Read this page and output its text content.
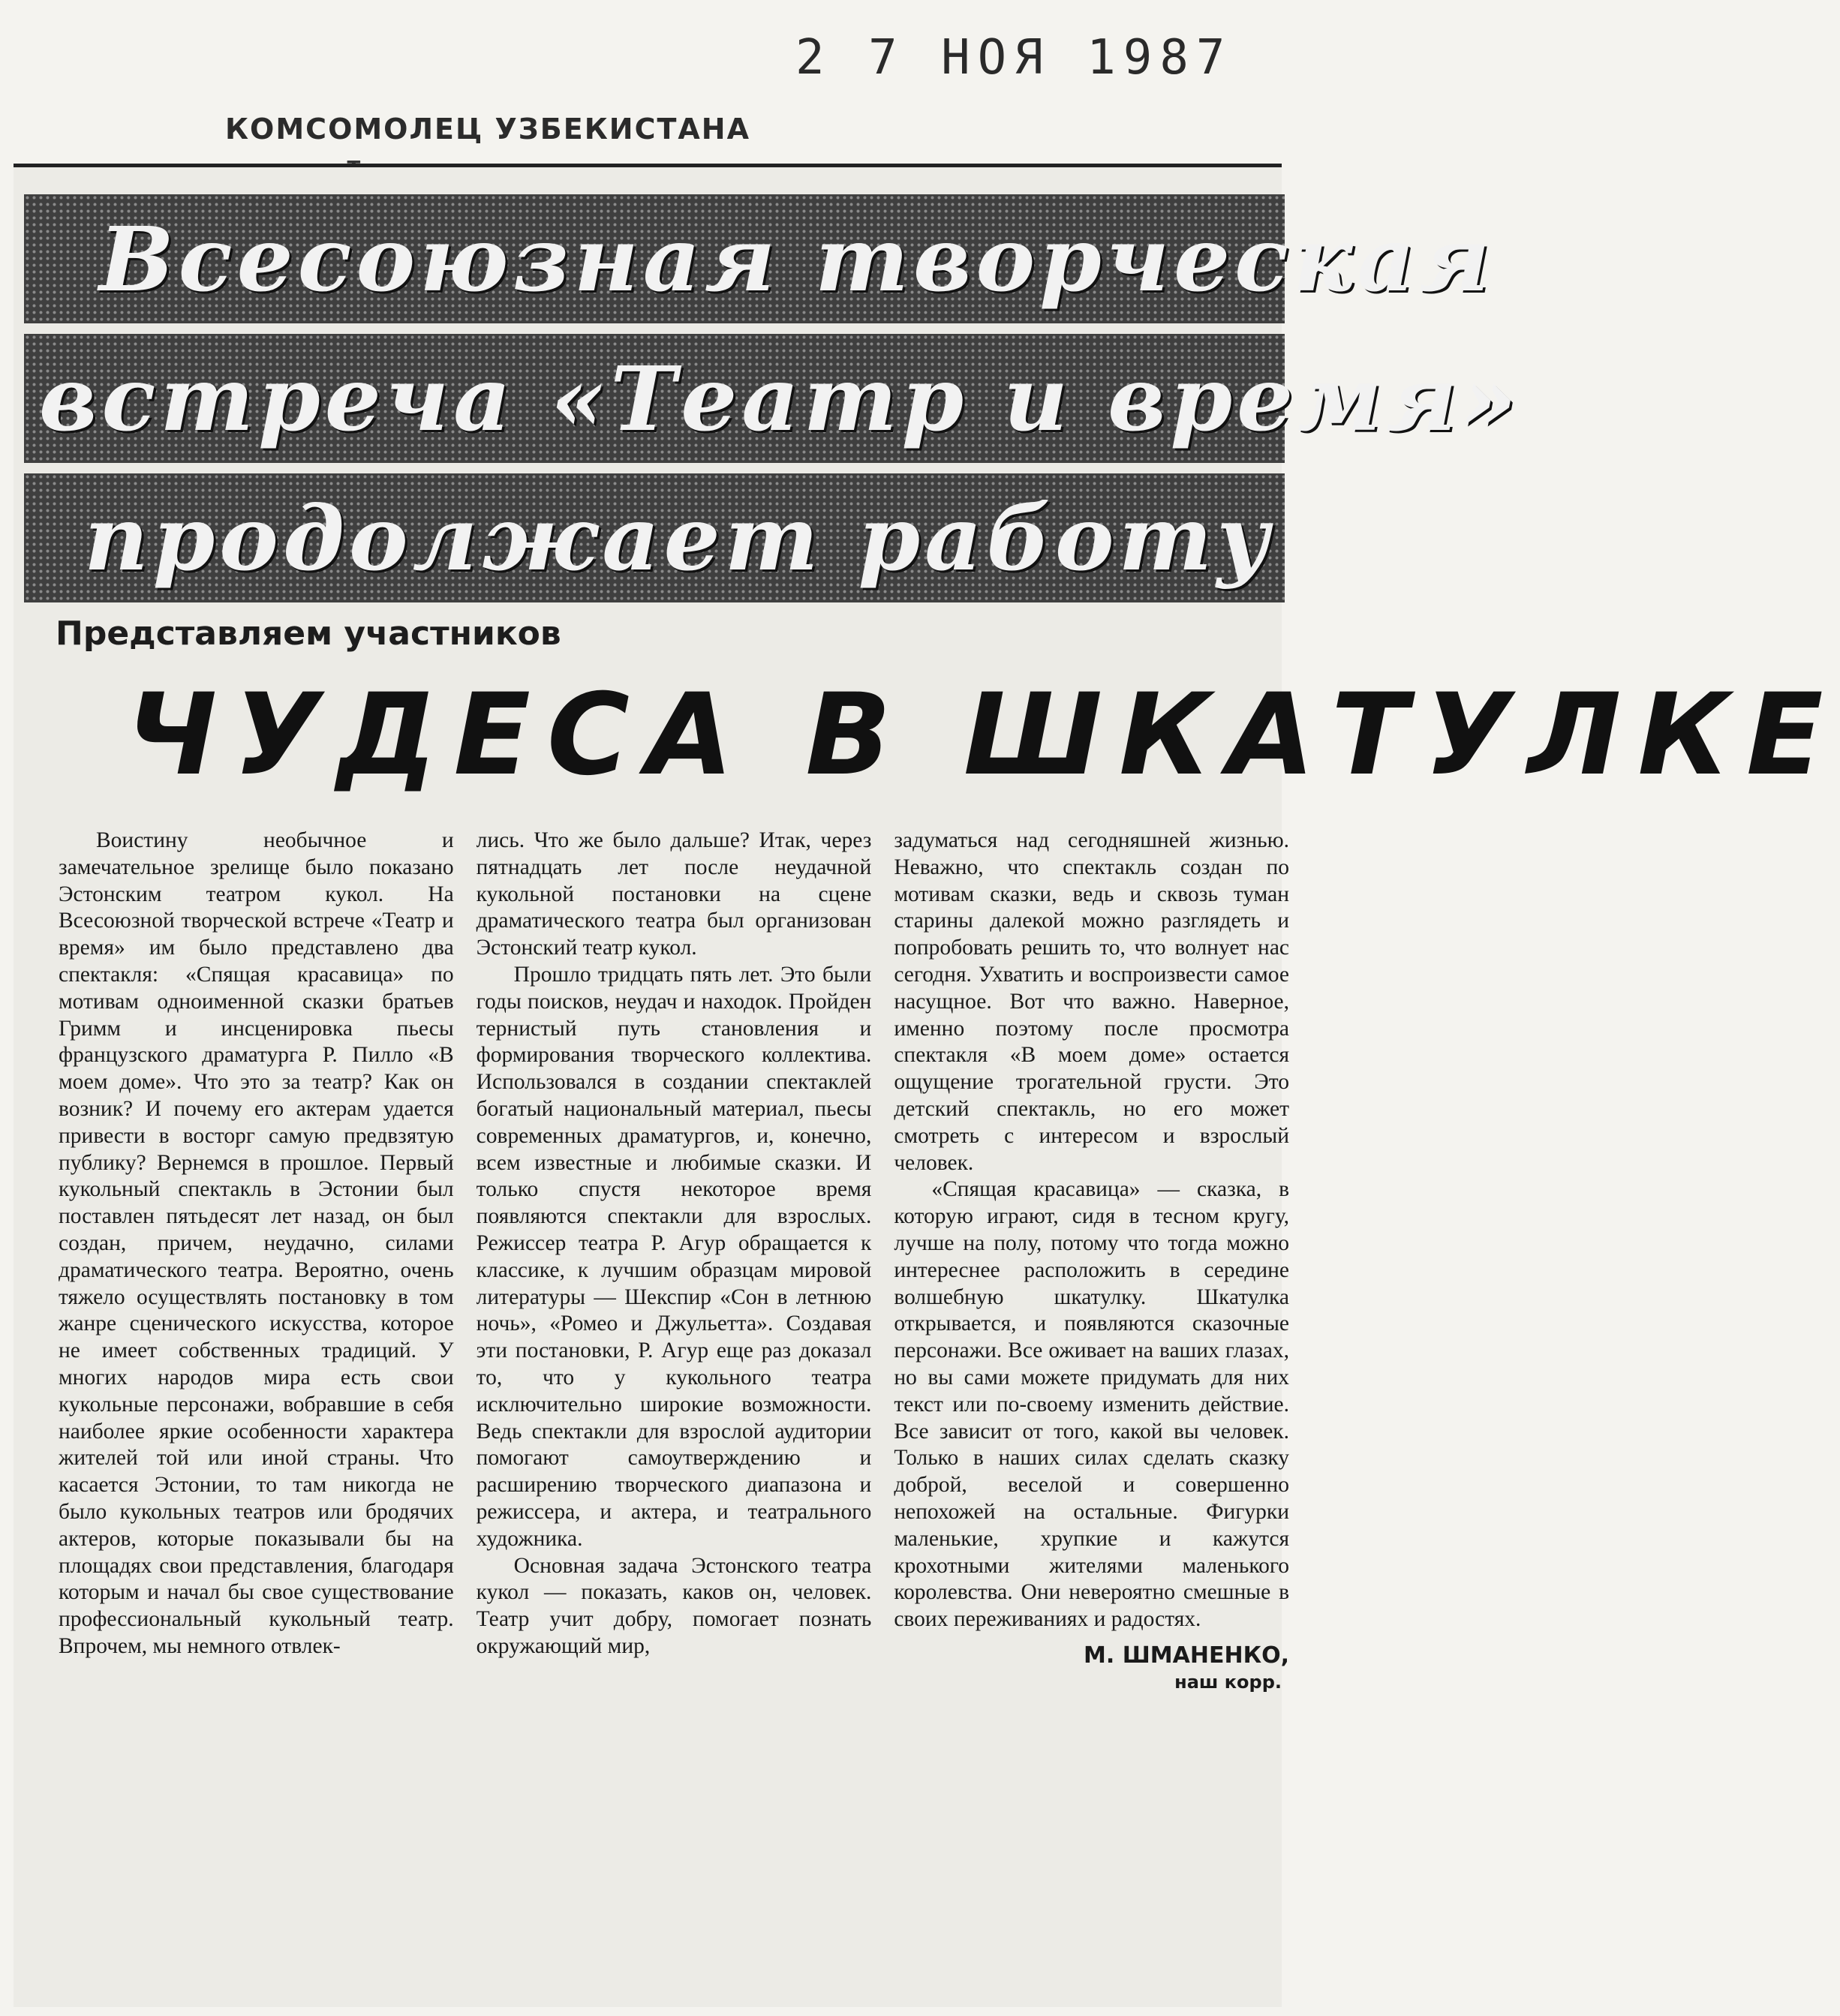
2 7 НОЯ 1987
КОМСОМОЛЕЦ УЗБЕКИСТАНА
Всесоюзная творческая
встреча «Театр и время»
продолжает работу
Представляем участников
ЧУДЕСА В ШКАТУЛКЕ

Воистину необычное и замечательное зрелище было показано Эстонским театром кукол. На Всесоюзной творческой встрече «Театр и время» им было представлено два спектакля: «Спящая красавица» по мотивам одноименной сказки братьев Гримм и инсценировка пьесы французского драматурга Р. Пилло «В моем доме». Что это за театр? Как он возник? И почему его актерам удается привести в восторг самую предвзятую публику? Вернемся в прошлое. Первый кукольный спектакль в Эстонии был поставлен пятьдесят лет назад, он был создан, причем, неудачно, силами драматического театра. Вероятно, очень тяжело осуществлять постановку в том жанре сценического искусства, которое не имеет собственных традиций. У многих народов мира есть свои кукольные персонажи, вобравшие в себя наиболее яркие особенности характера жителей той или иной страны. Что касается Эстонии, то там никогда не было кукольных театров или бродячих актеров, которые показывали бы на площадях свои представления, благодаря которым и начал бы свое существование профессиональный кукольный театр. Впрочем, мы немного отвлек-

лись. Что же было дальше? Итак, через пятнадцать лет после неудачной кукольной постановки на сцене драматического театра был организован Эстонский театр кукол.

Прошло тридцать пять лет. Это были годы поисков, неудач и находок. Пройден тернистый путь становления и формирования творческого коллектива. Использовался в создании спектаклей богатый национальный материал, пьесы современных драматургов, и, конечно, всем известные и любимые сказки. И только спустя некоторое время появляются спектакли для взрослых. Режиссер театра Р. Агур обращается к классике, к лучшим образцам мировой литературы — Шекспир «Сон в летнюю ночь», «Ромео и Джульетта». Создавая эти постановки, Р. Агур еще раз доказал то, что у кукольного театра исключительно широкие возможности. Ведь спектакли для взрослой аудитории помогают самоутверждению и расширению творческого диапазона и режиссера, и актера, и театрального художника.

Основная задача Эстонского театра кукол — показать, каков он, человек. Театр учит добру, помогает познать окружающий мир,

задуматься над сегодняшней жизнью. Неважно, что спектакль создан по мотивам сказки, ведь и сквозь туман старины далекой можно разглядеть и попробовать решить то, что волнует нас сегодня. Ухватить и воспроизвести самое насущное. Вот что важно. Наверное, именно поэтому после просмотра спектакля «В моем доме» остается ощущение трогательной грусти. Это детский спектакль, но его может смотреть с интересом и взрослый человек.

«Спящая красавица» — сказка, в которую играют, сидя в тесном кругу, лучше на полу, потому что тогда можно интереснее расположить в середине волшебную шкатулку. Шкатулка открывается, и появляются сказочные персонажи. Все оживает на ваших глазах, но вы сами можете придумать для них текст или по-своему изменить действие. Все зависит от того, какой вы человек. Только в наших силах сделать сказку доброй, веселой и совершенно непохожей на остальные. Фигурки маленькие, хрупкие и кажутся крохотными жителями маленького королевства. Они невероятно смешные в своих переживаниях и радостях.

М. ШМАНЕНКО,
наш корр.
